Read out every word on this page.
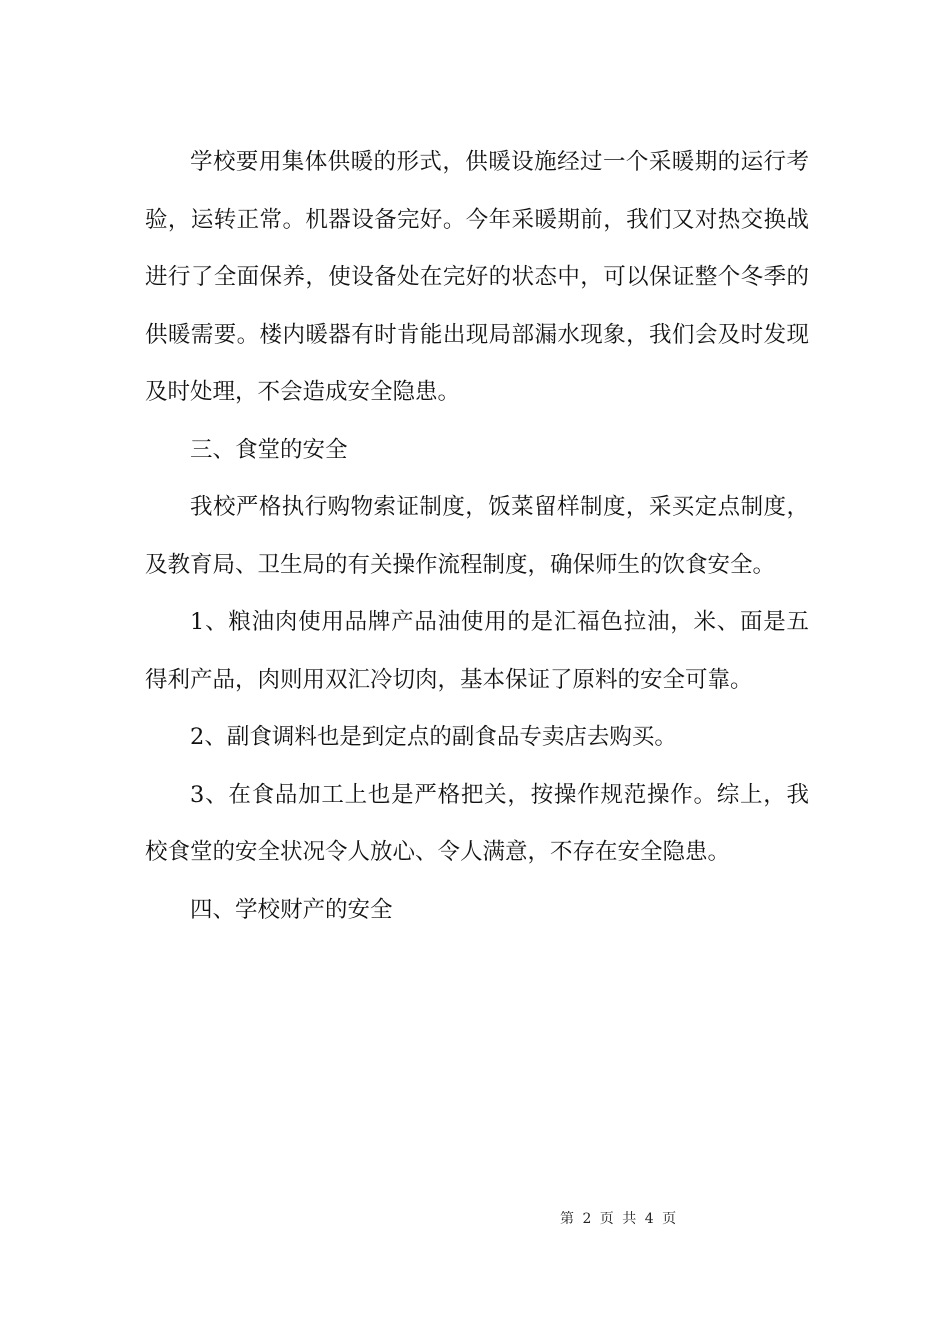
学校要用集体供暖的形式，供暖设施经过一个采暖期的运行考验，运转正常。机器设备完好。今年采暖期前，我们又对热交换战进行了全面保养，使设备处在完好的状态中，可以保证整个冬季的供暖需要。楼内暖器有时肯能出现局部漏水现象，我们会及时发现及时处理，不会造成安全隐患。

三、食堂的安全

我校严格执行购物索证制度，饭菜留样制度，采买定点制度，及教育局、卫生局的有关操作流程制度，确保师生的饮食安全。

1、粮油肉使用品牌产品油使用的是汇福色拉油，米、面是五得利产品，肉则用双汇冷切肉，基本保证了原料的安全可靠。

2、副食调料也是到定点的副食品专卖店去购买。

3、在食品加工上也是严格把关，按操作规范操作。综上，我校食堂的安全状况令人放心、令人满意，不存在安全隐患。

四、学校财产的安全

第 2 页 共 4 页
